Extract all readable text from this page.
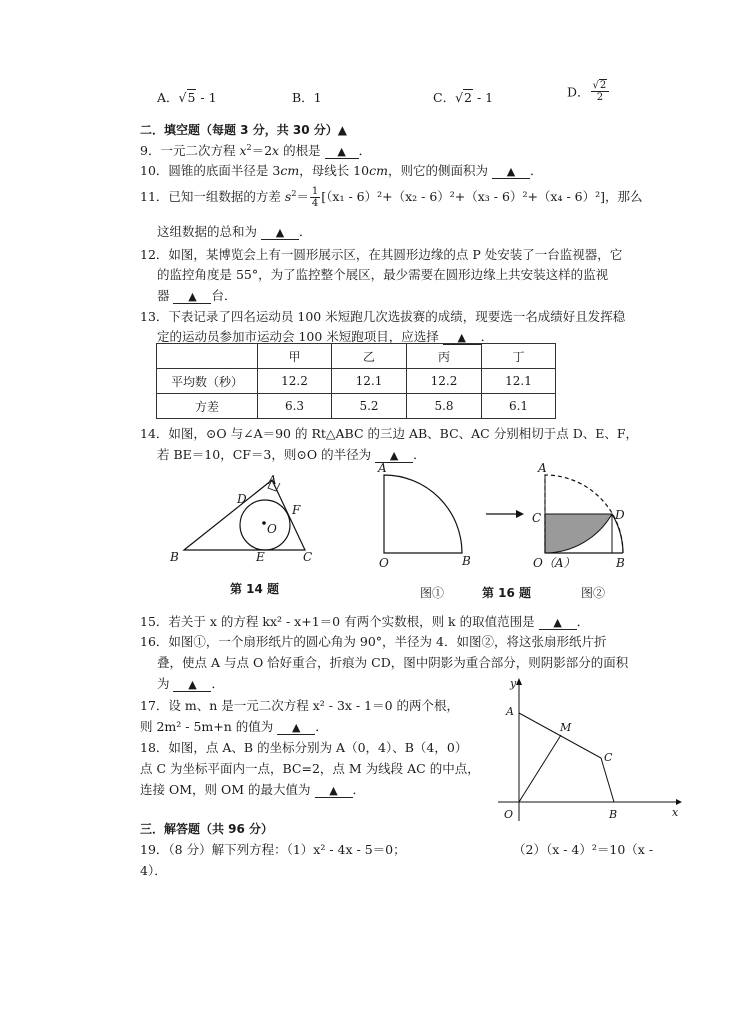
A．√5 - 1	B．1	C．√2 - 1	D． $\frac{√2}{2}$
二．填空题（每题 3 分，共 30 分）▲
9．一元二次方程 $x^2=2x$ 的根是 ▲ ．
10．圆锥的底面半径是 3cm，母线长 10cm，则它的侧面积为 ▲ ．
11．已知一组数据的方差 $s^2= \frac{1}{4} [(x_1 - 6)^2+(x_2 - 6)^2+(x_3 - 6)^2+(x_4 - 6)^2]$，那么
这组数据的总和为 ▲ ．
12．如图，某博览会上有一圆形展示区，在其圆形边缘的点 P 处安装了一台监视器，它
的监控角度是 55°，为了监控整个展区，最少需要在圆形边缘上共安装这样的监视
器 ▲ 台．
13．下表记录了四名运动员 100 米短跑几次选拔赛的成绩，现要选一名成绩好且发挥稳
定的运动员参加市运动会 100 米短跑项目，应选择 ▲ ．
	甲	乙	丙	丁
平均数（秒）	12.2	12.1	12.2	12.1
方差	6.3	5.2	5.8	6.1
14．如图，⊙O 与∠A＝90 的 Rt△ABC 的三边 AB、BC、AC 分别相切于点 D、E、F，
若 BE＝10，CF＝3，则⊙O 的半径为 ▲ ．
A
B	C
D
E
F
O
第 14 题
A
O	B
图①	第 16 题
A
C	D
O（A）	B
图②
15．若关于 x 的方程 kx² - x+1＝0 有两个实数根，则 k 的取值范围是 ▲ ．
16．如图①，一个扇形纸片的圆心角为 90°，半径为 4．如图②，将这张扇形纸片折
叠，使点 A 与点 O 恰好重合，折痕为 CD，图中阴影为重合部分，则阴影部分的面积
为 ▲ ．
17．设 m、n 是一元二次方程 x² - 3x - 1＝0 的两个根，
则 2m² - 5m+n 的值为 ▲ ．
18．如图，点 A、B 的坐标分别为 A（0，4）、B（4，0）
点 C 为坐标平面内一点，BC=2，点 M 为线段 AC 的中点，
连接 OM，则 OM 的最大值为 ▲ ．
y
x
A
M
C
O	B
三．解答题（共 96 分）
19．（8 分）解下列方程：（1）x² - 4x - 5＝0；	（2）（x - 4）²＝10（x -
4）．
